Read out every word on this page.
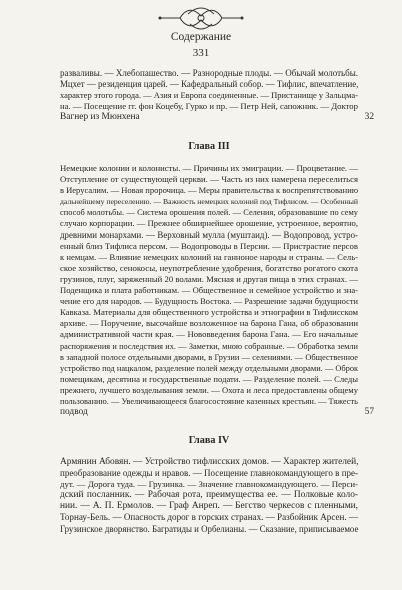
Содержание
331
разваливы. — Хлебопашество. — Разнородные плоды. — Обычай молотьбы.
Мцхет — резиденция царей. — Кафедральный собор. — Тифлис, впечатление,
характер этого города. — Азия и Европа соединенные. — Пристанище у Зальцма-
на. — Посещение гг. фон Коцебу, Гурко и пр. — Петр Ней, сапожник. — Доктор
Вагнер из Мюнхена	32
Глава III
Немецкие колонии и колонисты. — Причины их эмиграции. — Процветание. —
Отступление от существующей церкви. — Часть из них намерена переселиться
в Иерусалим. — Новая пророчица. — Меры правительства к воспрепятствованию
дальнейшему переселению. — Важность немецких колоний под Тифлисом. — Особенный
способ молотьбы. — Система орошения полей. — Селения, образовавшие по сему
случаю корпорации. — Прежнее обширнейшее орошение, устроенное, вероятно,
древними монархами. — Верховный мулла (муштаид). — Водопровод, устро-
енный близ Тифлиса персом. — Водопроводы в Персии. — Пристрастие персов
к немцам. — Влияние немецких колоний на ганноное народы и страны. — Сель-
ское хозяйство, сенокосы, неупотребление удобрения, богатство рогатого скота
грузинов, плуг, заряженный 20 волами. Мясная и другая пища в этих странах. —
Поденщика и плата работникам. — Общественное и семейное устройство и зна-
чение его для народов. — Будущность Востока. — Разрешение задачи будущности
Кавказа. Материалы для общественного устройства и этнографии в Тифлисском
архиве. — Поручение, высочайше возложенное на барона Гана, об образовании
административной части края. — Нововведения барона Гана. — Его начальные
распоряжения и последствия их. — Заметки, мною собранные. — Обработка земли
в западной полосе отдельными дворами, в Грузии — селениями. — Общественное
устройство под нацкалом, разделение полей между отдельными дворами. — Оброк
помещикам, десятина и государственные подати. — Разделение полей. — Следы
прежнего, лучшего возделывания земли. — Охота и леса предоставлены общему
пользованию. — Увеличивающееся благосостояние казенных крестьян. — Тяжесть
подвод	57
Глава IV
Армянин Абовян. — Устройство тифлисских домов. — Характер жителей,
преобразование одежды и нравов. — Посещение главнокомандующего в пре-
дут. — Дорога туда. — Грузинка. — Значение главнокомандующего. — Перси-
дский посланник. — Рабочая рота, преимущества ее. — Полковые коло-
нии. — А. П. Ермолов. — Граф Анреп. — Бегство черкесов с пленными,
Торнау-Бель. — Опасность дорог в горских странах. — Разбойник Арсен. —
Грузинское дворянство. Багратиды и Орбелианы. — Сказание, приписываемое
